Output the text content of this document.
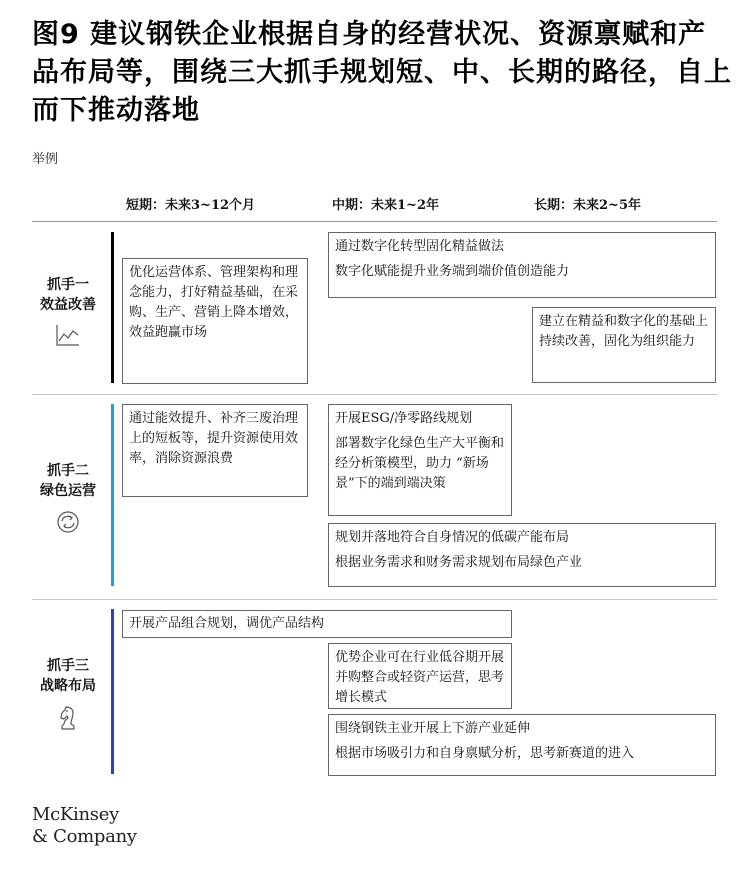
图9 建议钢铁企业根据自身的经营状况、资源禀赋和产品布局等，围绕三大抓手规划短、中、长期的路径，自上而下推动落地
举例
短期：未来3~12个月	中期：未来1~2年	长期：未来2~5年
抓手一
效益改善
抓手二
绿色运营
抓手三
战略布局

优化运营体系、管理架构和理念能力，打好精益基础，在采购、生产、营销上降本增效，效益跑赢市场

通过数字化转型固化精益做法

数字化赋能提升业务端到端价值创造能力

建立在精益和数字化的基础上持续改善，固化为组织能力

通过能效提升、补齐三废治理上的短板等，提升资源使用效率，消除资源浪费

开展ESG/净零路线规划

部署数字化绿色生产大平衡和经分析策模型，助力 “新场景”下的端到端决策

规划并落地符合自身情况的低碳产能布局

根据业务需求和财务需求规划布局绿色产业

开展产品组合规划，调优产品结构

优势企业可在行业低谷期开展并购整合或轻资产运营，思考增长模式

围绕钢铁主业开展上下游产业延伸

根据市场吸引力和自身禀赋分析，思考新赛道的进入

McKinsey
& Company
